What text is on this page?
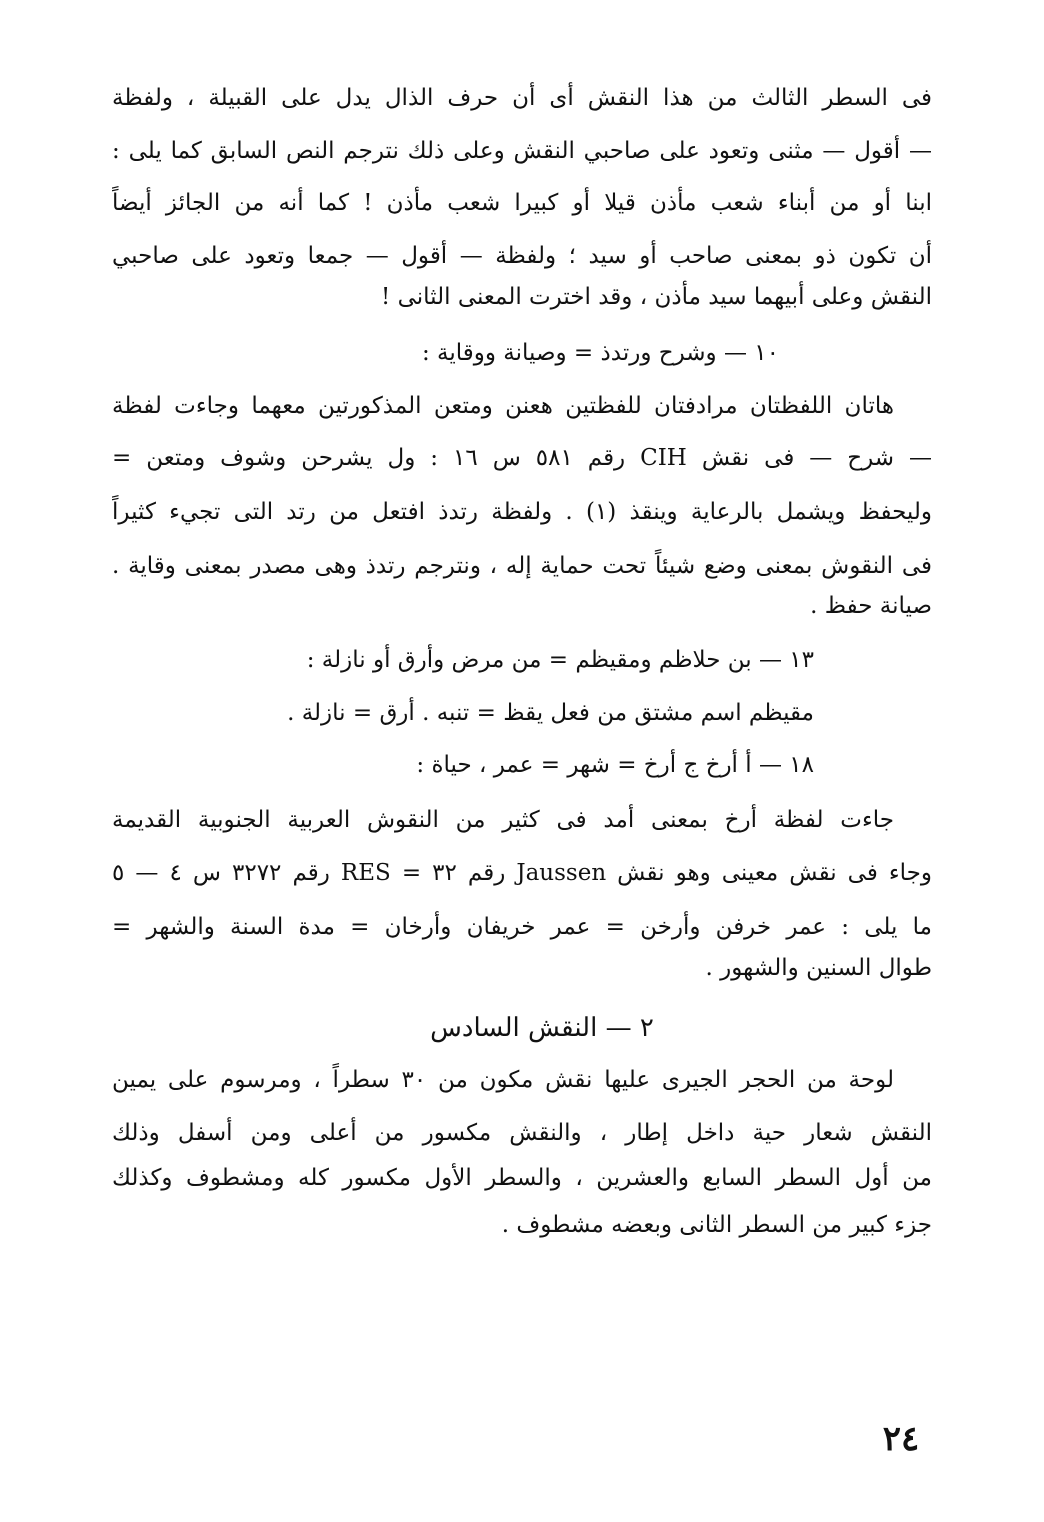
فى السطر الثالث من هذا النقش أى أن حرف الذال يدل على القبيلة ، ولفظة
— أقول — مثنى وتعود على صاحبي النقش وعلى ذلك نترجم النص السابق كما يلى :
ابنا أو من أبناء شعب مأذن قيلا أو كبيرا شعب مأذن ! كما أنه من الجائز أيضاً
أن تكون ذو بمعنى صاحب أو سيد ؛ ولفظة — أقول — جمعا وتعود على صاحبي
النقش وعلى أبيهما سيد مأذن ، وقد اخترت المعنى الثانى !
١٠ — وشرح ورتدذ = وصيانة ووقاية :
هاتان اللفظتان مرادفتان للفظتين هعنن ومتعن المذكورتين معهما وجاءت لفظة
— شرح — فى نقش CIH رقم ٥٨١ س ١٦ : ول يشرحن وشوف ومتعن =
وليحفظ ويشمل بالرعاية وينقذ (١) . ولفظة رتدذ افتعل من رتد التى تجيء كثيراً
فى النقوش بمعنى وضع شيئاً تحت حماية إله ، ونترجم رتدذ وهى مصدر بمعنى وقاية .
صيانة حفظ .
١٣ — بن حلاظم ومقيظم = من مرض وأرق أو نازلة :
مقيظم اسم مشتق من فعل يقظ = تنبه . أرق = نازلة .
١٨ — أ أرخ ج أرخ = شهر = عمر ، حياة :
جاءت لفظة أرخ بمعنى أمد فى كثير من النقوش العربية الجنوبية القديمة
وجاء فى نقش معينى وهو نقش Jaussen رقم ٣٢ = RES رقم ٣٢٧٢ س ٤ — ٥
ما يلى : عمر خرفن وأرخن = عمر خريفان وأرخان = مدة السنة والشهر =
طوال السنين والشهور .
٢ — النقش السادس
لوحة من الحجر الجيرى عليها نقش مكون من ٣٠ سطراً ، ومرسوم على يمين
النقش شعار حية داخل إطار ، والنقش مكسور من أعلى ومن أسفل وذلك
من أول السطر السابع والعشرين ، والسطر الأول مكسور كله ومشطوف وكذلك
جزء كبير من السطر الثانى وبعضه مشطوف .
٢٤
